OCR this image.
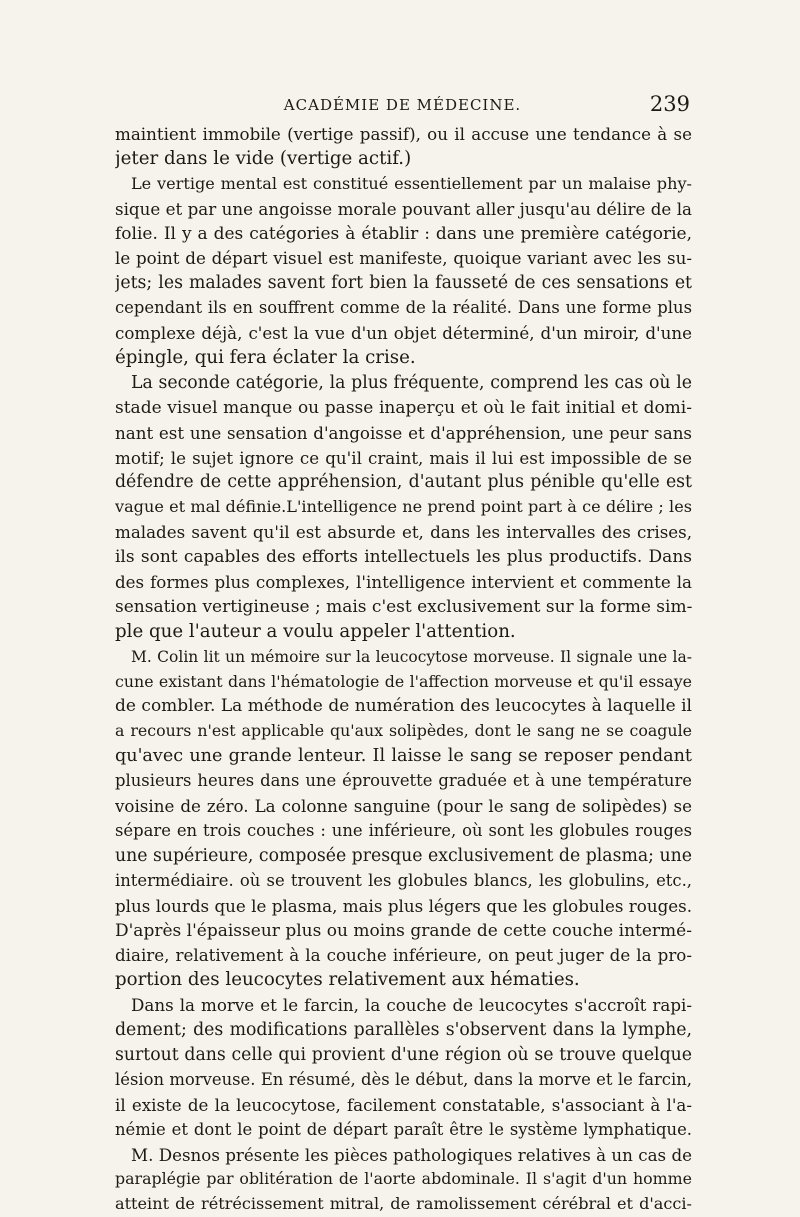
ACADÉMIE DE MÉDECINE.	239
maintient immobile (vertige passif), ou il accuse une tendance à se
jeter dans le vide (vertige actif.)
Le vertige mental est constitué essentiellement par un malaise phy-
sique et par une angoisse morale pouvant aller jusqu'au délire de la
folie. Il y a des catégories à établir : dans une première catégorie,
le point de départ visuel est manifeste, quoique variant avec les su-
jets; les malades savent fort bien la fausseté de ces sensations et
cependant ils en souffrent comme de la réalité. Dans une forme plus
complexe déjà, c'est la vue d'un objet déterminé, d'un miroir, d'une
épingle, qui fera éclater la crise.
La seconde catégorie, la plus fréquente, comprend les cas où le
stade visuel manque ou passe inaperçu et où le fait initial et domi-
nant est une sensation d'angoisse et d'appréhension, une peur sans
motif; le sujet ignore ce qu'il craint, mais il lui est impossible de se
défendre de cette appréhension, d'autant plus pénible qu'elle est
vague et mal définie.L'intelligence ne prend point part à ce délire ; les
malades savent qu'il est absurde et, dans les intervalles des crises,
ils sont capables des efforts intellectuels les plus productifs. Dans
des formes plus complexes, l'intelligence intervient et commente la
sensation vertigineuse ; mais c'est exclusivement sur la forme sim-
ple que l'auteur a voulu appeler l'attention.
M. Colin lit un mémoire sur la leucocytose morveuse. Il signale une la-
cune existant dans l'hématologie de l'affection morveuse et qu'il essaye
de combler. La méthode de numération des leucocytes à laquelle il
a recours n'est applicable qu'aux solipèdes, dont le sang ne se coagule
qu'avec une grande lenteur. Il laisse le sang se reposer pendant
plusieurs heures dans une éprouvette graduée et à une température
voisine de zéro. La colonne sanguine (pour le sang de solipèdes) se
sépare en trois couches : une inférieure, où sont les globules rouges
une supérieure, composée presque exclusivement de plasma; une
intermédiaire. où se trouvent les globules blancs, les globulins, etc.,
plus lourds que le plasma, mais plus légers que les globules rouges.
D'après l'épaisseur plus ou moins grande de cette couche intermé-
diaire, relativement à la couche inférieure, on peut juger de la pro-
portion des leucocytes relativement aux hématies.
Dans la morve et le farcin, la couche de leucocytes s'accroît rapi-
dement; des modifications parallèles s'observent dans la lymphe,
surtout dans celle qui provient d'une région où se trouve quelque
lésion morveuse. En résumé, dès le début, dans la morve et le farcin,
il existe de la leucocytose, facilement constatable, s'associant à l'a-
némie et dont le point de départ paraît être le système lymphatique.
M. Desnos présente les pièces pathologiques relatives à un cas de
paraplégie par oblitération de l'aorte abdominale. Il s'agit d'un homme
atteint de rétrécissement mitral, de ramolissement cérébral et d'acci-
